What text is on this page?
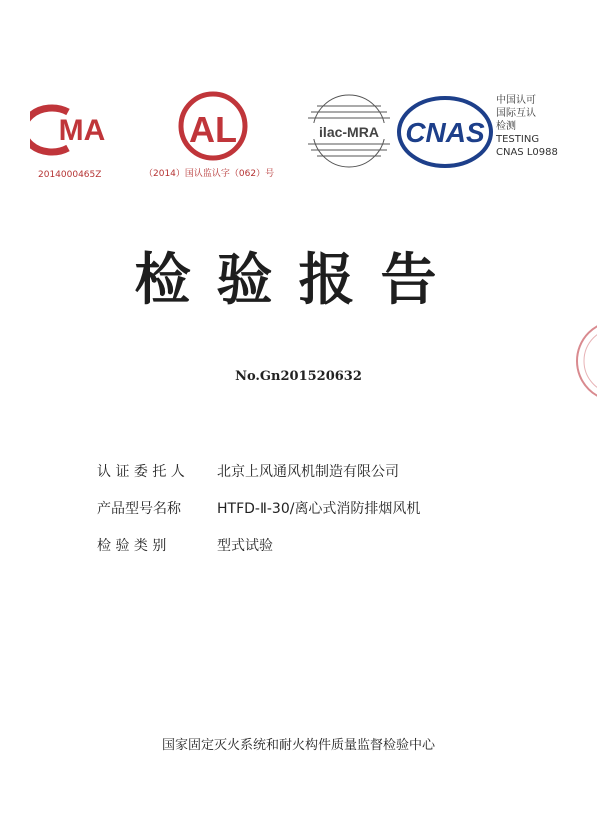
MA
2014000465Z
AL
（2014）国认监认字（062）号
ilac-MRA CNAS
中国认可
国际互认
检测
TESTING
CNAS L0988
检验报告
No.Gn201520632
认 证 委 托 人	北京上风通风机制造有限公司
产品型号名称	HTFD-Ⅱ-30/离心式消防排烟风机
检 验 类 别	型式试验
国家固定灭火系统和耐火构件质量监督检验中心
